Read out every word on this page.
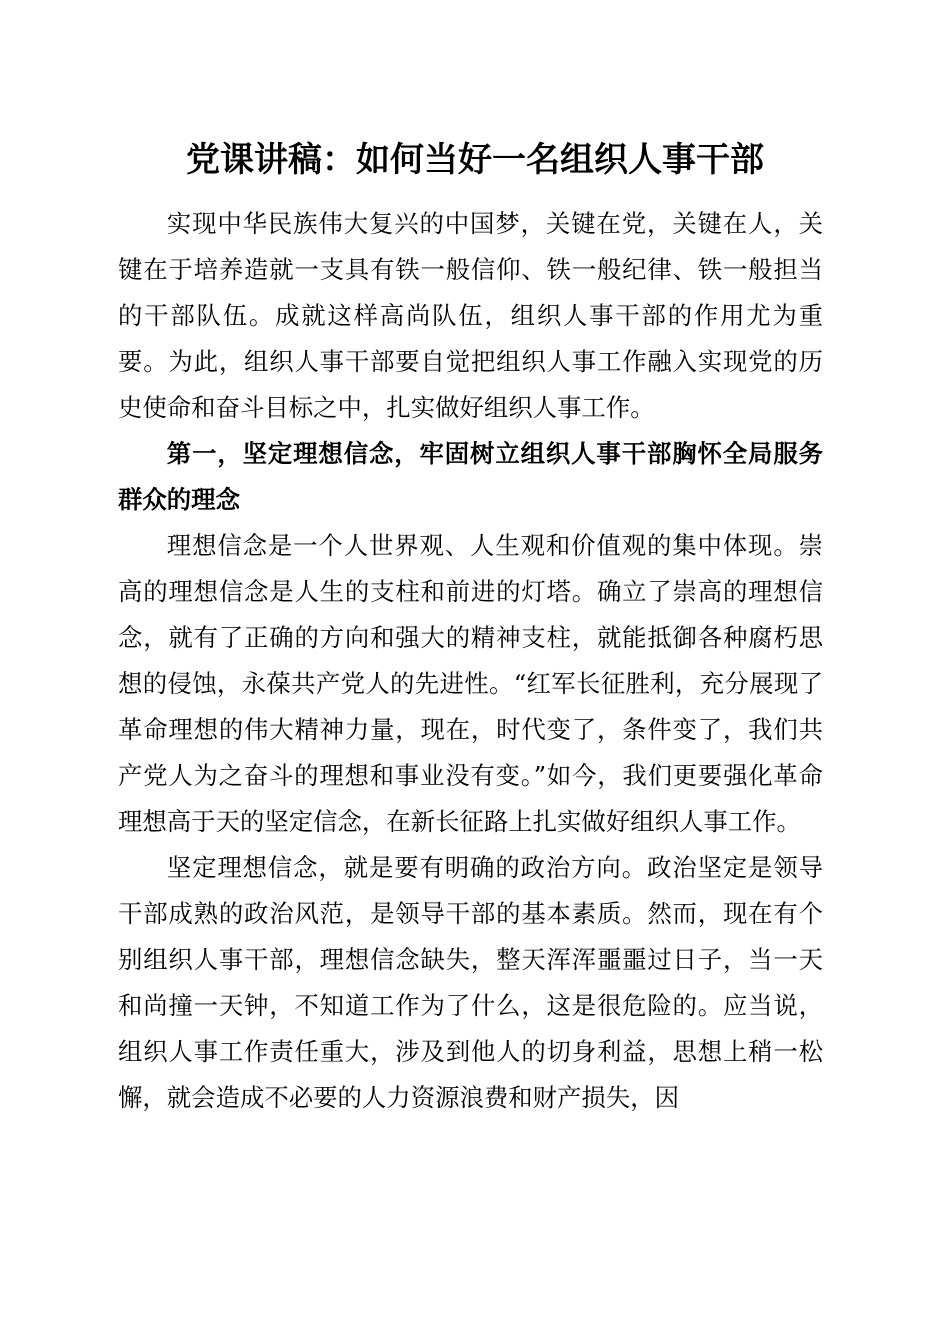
党课讲稿：如何当好一名组织人事干部

实现中华民族伟大复兴的中国梦，关键在党，关键在人，关键在于培养造就一支具有铁一般信仰、铁一般纪律、铁一般担当的干部队伍。成就这样高尚队伍，组织人事干部的作用尤为重要。为此，组织人事干部要自觉把组织人事工作融入实现党的历史使命和奋斗目标之中，扎实做好组织人事工作。

第一，坚定理想信念，牢固树立组织人事干部胸怀全局服务群众的理念

理想信念是一个人世界观、人生观和价值观的集中体现。崇高的理想信念是人生的支柱和前进的灯塔。确立了崇高的理想信念，就有了正确的方向和强大的精神支柱，就能抵御各种腐朽思想的侵蚀，永葆共产党人的先进性。“红军长征胜利，充分展现了革命理想的伟大精神力量，现在，时代变了，条件变了，我们共产党人为之奋斗的理想和事业没有变。”如今，我们更要强化革命理想高于天的坚定信念，在新长征路上扎实做好组织人事工作。

坚定理想信念，就是要有明确的政治方向。政治坚定是领导干部成熟的政治风范，是领导干部的基本素质。然而，现在有个别组织人事干部，理想信念缺失，整天浑浑噩噩过日子，当一天和尚撞一天钟，不知道工作为了什么，这是很危险的。应当说，组织人事工作责任重大，涉及到他人的切身利益，思想上稍一松懈，就会造成不必要的人力资源浪费和财产损失，因
